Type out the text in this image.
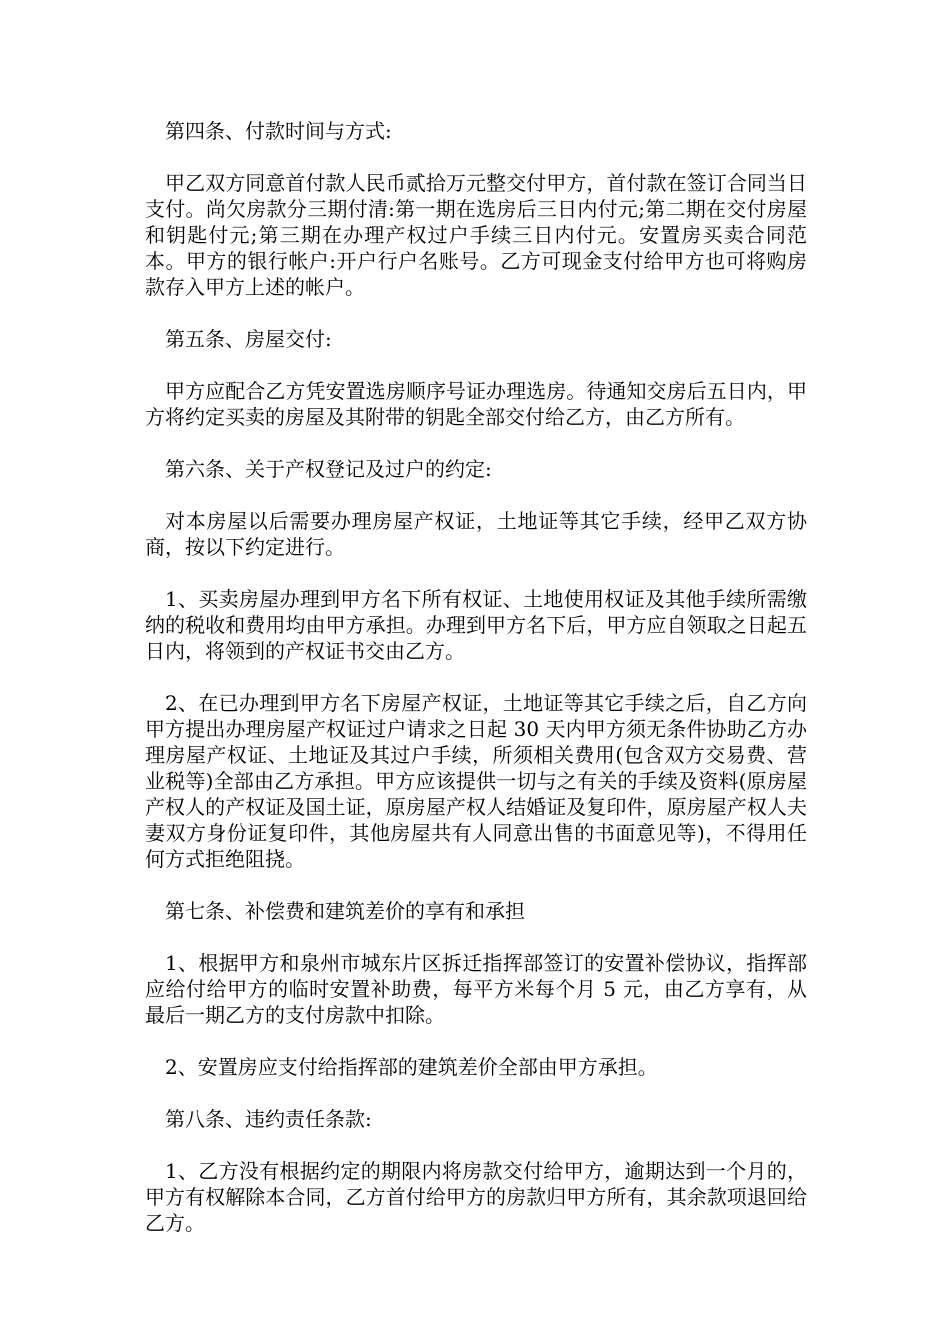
第四条、付款时间与方式:
甲乙双方同意首付款人民币贰拾万元整交付甲方，首付款在签订合同当日支付。尚欠房款分三期付清:第一期在选房后三日内付元;第二期在交付房屋和钥匙付元;第三期在办理产权过户手续三日内付元。安置房买卖合同范本。甲方的银行帐户:开户行户名账号。乙方可现金支付给甲方也可将购房款存入甲方上述的帐户。
第五条、房屋交付:
甲方应配合乙方凭安置选房顺序号证办理选房。待通知交房后五日内，甲方将约定买卖的房屋及其附带的钥匙全部交付给乙方，由乙方所有。
第六条、关于产权登记及过户的约定:
对本房屋以后需要办理房屋产权证，土地证等其它手续，经甲乙双方协商，按以下约定进行。
1、买卖房屋办理到甲方名下所有权证、土地使用权证及其他手续所需缴纳的税收和费用均由甲方承担。办理到甲方名下后，甲方应自领取之日起五日内，将领到的产权证书交由乙方。
2、在已办理到甲方名下房屋产权证，土地证等其它手续之后，自乙方向甲方提出办理房屋产权证过户请求之日起 30 天内甲方须无条件协助乙方办理房屋产权证、土地证及其过户手续，所须相关费用(包含双方交易费、营业税等)全部由乙方承担。甲方应该提供一切与之有关的手续及资料(原房屋产权人的产权证及国土证，原房屋产权人结婚证及复印件，原房屋产权人夫妻双方身份证复印件，其他房屋共有人同意出售的书面意见等)，不得用任何方式拒绝阻挠。
第七条、补偿费和建筑差价的享有和承担
1、根据甲方和泉州市城东片区拆迁指挥部签订的安置补偿协议，指挥部应给付给甲方的临时安置补助费，每平方米每个月 5 元，由乙方享有，从最后一期乙方的支付房款中扣除。
2、安置房应支付给指挥部的建筑差价全部由甲方承担。
第八条、违约责任条款:
1、乙方没有根据约定的期限内将房款交付给甲方，逾期达到一个月的，甲方有权解除本合同，乙方首付给甲方的房款归甲方所有，其余款项退回给乙方。
